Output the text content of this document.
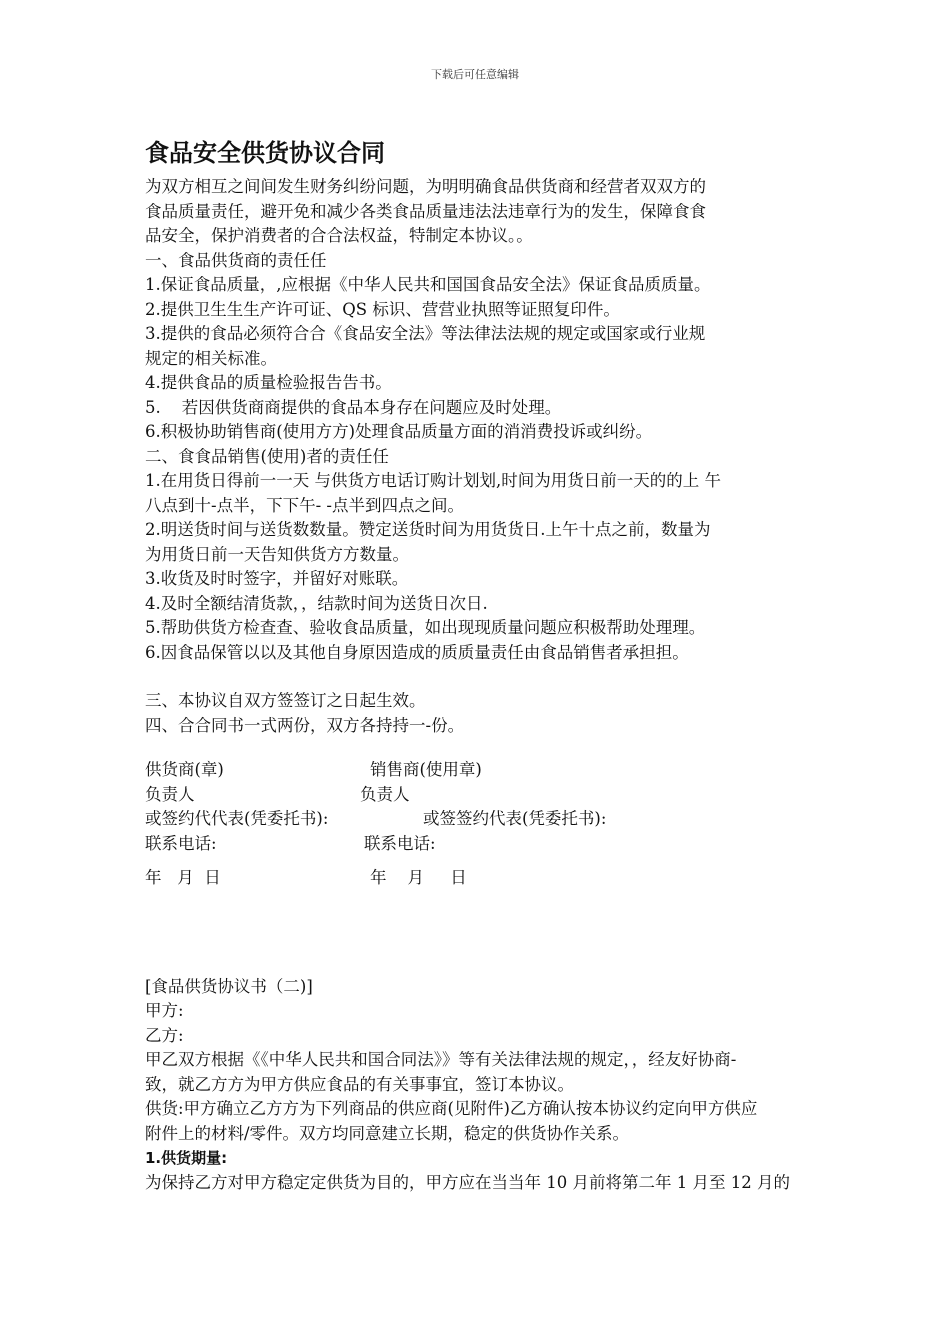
下载后可任意编辑
食品安全供货协议合同

为双方相互之间间发生财务纠纷问题，为明明确食品供货商和经营者双双方的

食品质量责任，避开免和减少各类食品质量违法法违章行为的发生，保障食食

品安全，保护消费者的合合法权益，特制定本协议。。

一、食品供货商的责任任

1.保证食品质量，,应根据《中华人民共和国国食品安全法》保证食品质质量。

2.提供卫生生生产许可证、QS 标识、营营业执照等证照复印件。

3.提供的食品必须符合合《食品安全法》等法律法法规的规定或国家或行业规

规定的相关标准。

4.提供食品的质量检验报告告书。

5.    若因供货商商提供的食品本身存在问题应及时处理。

6.积极协助销售商(使用方方)处理食品质量方面的消消费投诉或纠纷。

二、食食品销售(使用)者的责任任

1.在用货日得前一一天 与供货方电话订购计划划,时间为用货日前一天的的上 午

八点到十-点半，下下午- -点半到四点之间。

2.明送货时间与送货数数量。赞定送货时间为用货货日.上午十点之前，数量为

为用货日前一天告知供货方方数量。

3.收货及时时签字，并留好对账联。

4.及时全额结清货款，，结款时间为送货日次日.

5.帮助供货方检查查、验收食品质量，如出现现质量问题应积极帮助处理理。

6.因食品保管以以及其他自身原因造成的质质量责任由食品销售者承担担。

三、本协议自双方签签订之日起生效。

四、合合同书一式两份，双方各持持一-份。

供货商(章)	销售商(使用章)
负责人	负责人
或签约代代表(凭委托书):	或签签约代表(凭委托书):
联系电话:	联系电话:
年   月  日	年    月     日

[食品供货协议书（二)]

甲方:

乙方:

甲乙双方根据《《中华人民共和国合同法》》等有关法律法规的规定，，经友好协商-

致，就乙方方为甲方供应食品的有关事事宜，签订本协议。

供货:甲方确立乙方方为下列商品的供应商(见附件)乙方确认按本协议约定向甲方供应

附件上的材料/零件。双方均同意建立长期，稳定的供货协作关系。

1.供货期量:

为保持乙方对甲方稳定定供货为目的，甲方应在当当年 10 月前将第二年 1 月至 12 月的
